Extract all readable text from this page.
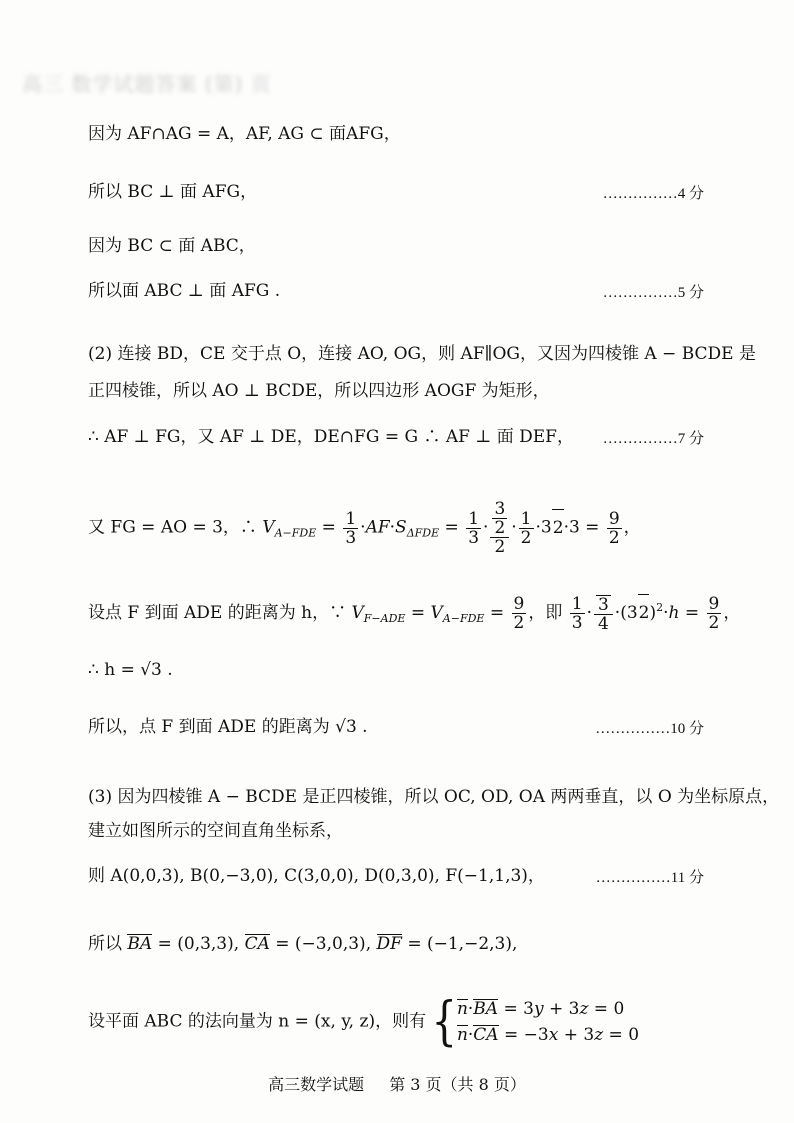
高三 数学试题答案 (第) 页
因为 AF∩AG = A，AF, AG ⊂ 面AFG，
所以 BC ⊥ 面 AFG，	……………4 分
因为 BC ⊂ 面 ABC，
所以面 ABC ⊥ 面 AFG .	……………5 分
(2) 连接 BD，CE 交于点 O，连接 AO, OG，则 AF∥OG，又因为四棱锥 A − BCDE 是
正四棱锥，所以 AO ⊥ BCDE，所以四边形 AOGF 为矩形，
∴ AF ⊥ FG，又 AF ⊥ DE，DE∩FG = G ∴ AF ⊥ 面 DEF，	……………7 分
又 FG = AO = 3，∴ $V_{A-FDE} = \frac{1}{3} \cdot AF\cdot S_{\Delta FDE} = \frac{1}{3} \cdot 3$
2
$2 \cdot \frac{1}{2} \cdot 32\cdot 3 = \frac{9}{2}$ ，
设点 F 到面 ADE 的距离为 h，∵ $V_{F-ADE} = V_{A-FDE} = \frac{9}{2}$ ，即 $\frac{1}{3} \cdot \frac{3}{4} \cdot(32)^2\cdot h = \frac{9}{2}$ ，
∴ h = √3 .
所以，点 F 到面 ADE 的距离为 √3 .	……………10 分
(3) 因为四棱锥 A − BCDE 是正四棱锥，所以 OC, OD, OA 两两垂直，以 O 为坐标原点，
建立如图所示的空间直角坐标系，
则 A(0,0,3), B(0,−3,0), C(3,0,0), D(0,3,0), F(−1,1,3)，	……………11 分
所以 BA = (0,3,3), CA = (−3,0,3), DF = (−1,−2,3),
设平面 ABC 的法向量为 n = (x, y, z)，则有 { n·BA = 3y + 3z = 0
n·CA = −3x + 3z = 0
高三数学试题 第 3 页（共 8 页）
